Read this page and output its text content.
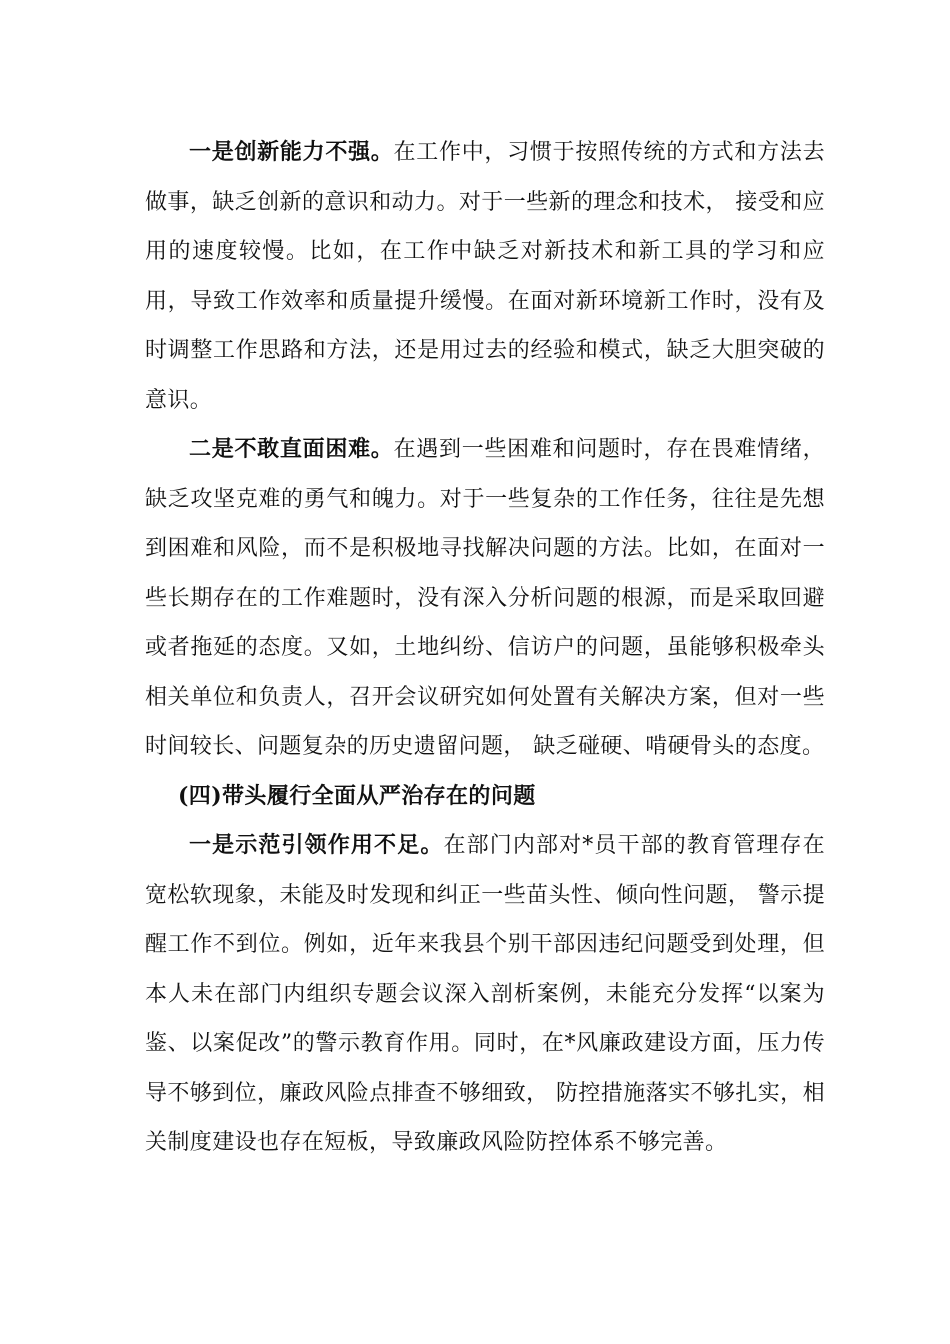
一是创新能力不强。在工作中，习惯于按照传统的方式和方法去做事，缺乏创新的意识和动力。对于一些新的理念和技术， 接受和应用的速度较慢。比如，在工作中缺乏对新技术和新工具的学习和应用，导致工作效率和质量提升缓慢。在面对新环境新工作时，没有及时调整工作思路和方法，还是用过去的经验和模式，缺乏大胆突破的意识。

二是不敢直面困难。在遇到一些困难和问题时，存在畏难情绪，缺乏攻坚克难的勇气和魄力。对于一些复杂的工作任务，往往是先想到困难和风险，而不是积极地寻找解决问题的方法。比如，在面对一些长期存在的工作难题时，没有深入分析问题的根源，而是采取回避或者拖延的态度。又如，土地纠纷、信访户的问题，虽能够积极牵头相关单位和负责人，召开会议研究如何处置有关解决方案，但对一些时间较长、问题复杂的历史遗留问题， 缺乏碰硬、啃硬骨头的态度。

(四)带头履行全面从严治存在的问题

一是示范引领作用不足。在部门内部对*员干部的教育管理存在宽松软现象，未能及时发现和纠正一些苗头性、倾向性问题， 警示提醒工作不到位。例如，近年来我县个别干部因违纪问题受到处理，但本人未在部门内组织专题会议深入剖析案例，未能充分发挥“以案为鉴、以案促改”的警示教育作用。同时，在*风廉政建设方面，压力传导不够到位，廉政风险点排查不够细致， 防控措施落实不够扎实，相关制度建设也存在短板，导致廉政风险防控体系不够完善。
